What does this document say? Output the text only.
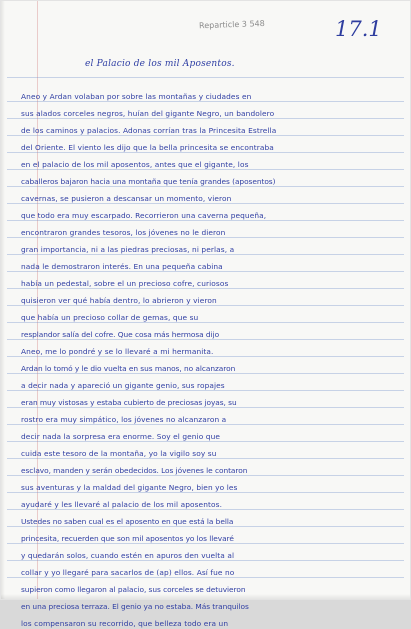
Reparticle 3 548	17.1
el Palacio de los mil Aposentos.
Aneo y Ardan volaban por sobre las montañas y ciudades en
sus alados corceles negros, huían del gigante Negro, un bandolero
de los caminos y palacios. Adonas corrían tras la Princesita Estrella
del Oriente. El viento les dijo que la bella princesita se encontraba
en el palacio de los mil aposentos, antes que el gigante, los
caballeros bajaron hacia una montaña que tenía grandes (aposentos)
cavernas, se pusieron a descansar un momento, vieron
que todo era muy escarpado. Recorrieron una caverna pequeña,
encontraron grandes tesoros, los jóvenes no le dieron
gran importancia, ni a las piedras preciosas, ni perlas, a
nada le demostraron interés. En una pequeña cabina
había un pedestal, sobre el un precioso cofre, curiosos
quisieron ver qué había dentro, lo abrieron y vieron
que había un precioso collar de gemas, que su
resplandor salía del cofre. Que cosa más hermosa dijo
Aneo, me lo pondré y se lo llevaré a mi hermanita.
Ardan lo tomó y le dio vuelta en sus manos, no alcanzaron
a decir nada y apareció un gigante genio, sus ropajes
eran muy vistosas y estaba cubierto de preciosas joyas, su
rostro era muy simpático, los jóvenes no alcanzaron a
decir nada la sorpresa era enorme. Soy el genio que
cuida este tesoro de la montaña, yo la vigilo soy su
esclavo, manden y serán obedecidos. Los jóvenes le contaron
sus aventuras y la maldad del gigante Negro, bien yo les
ayudaré y les llevaré al palacio de los mil aposentos.
Ustedes no saben cual es el aposento en que está la bella
princesita, recuerden que son mil aposentos yo los llevaré
y quedarán solos, cuando estén en apuros den vuelta al
collar y yo llegaré para sacarlos de (ap) ellos. Así fue no
supieron como llegaron al palacio, sus corceles se detuvieron
en una preciosa terraza. El genio ya no estaba. Más tranquilos
los compensaron su recorrido, que belleza todo era un
